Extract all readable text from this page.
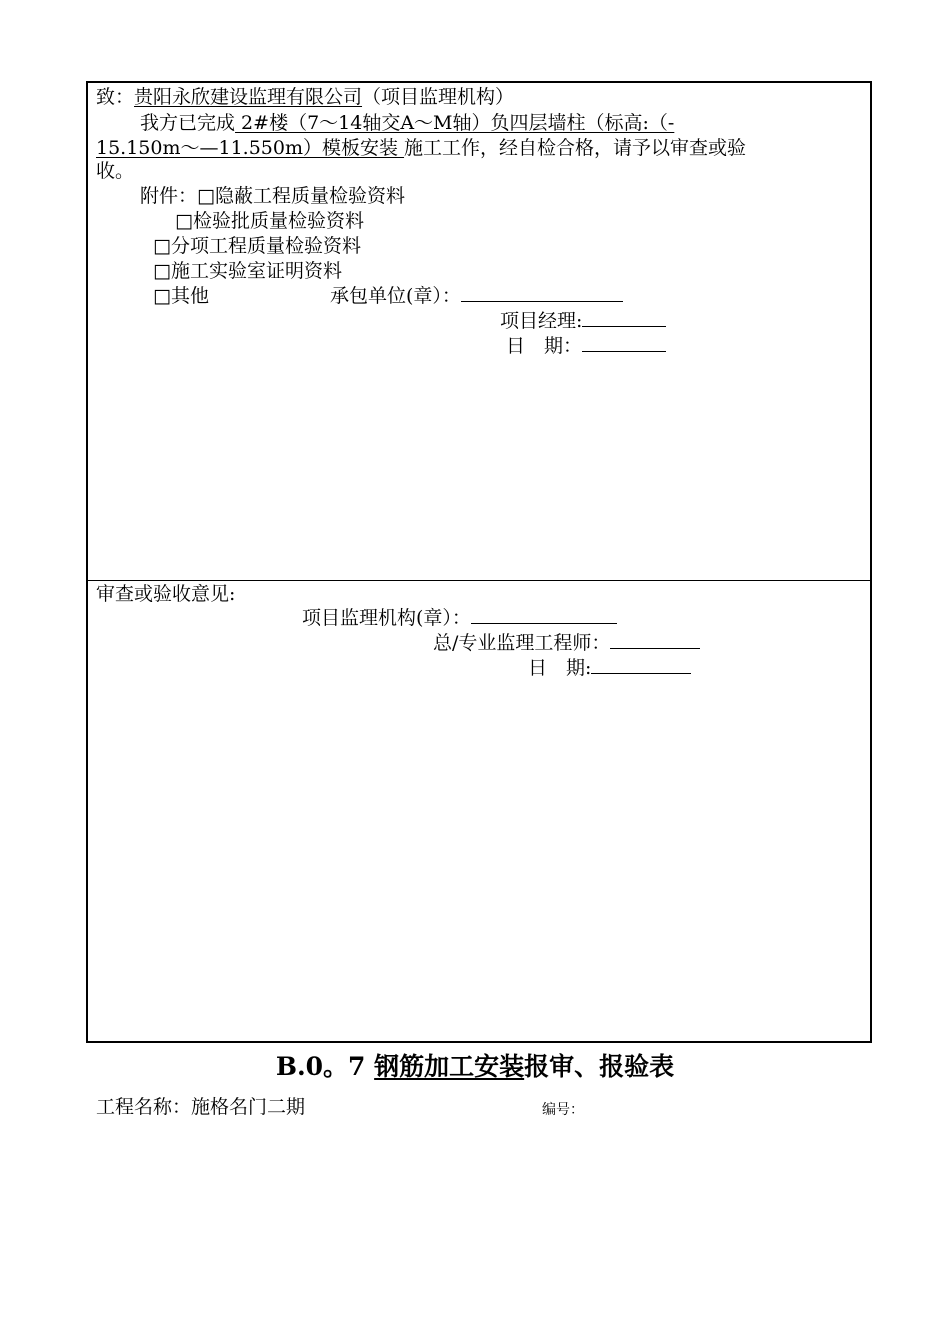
致：贵阳永欣建设监理有限公司（项目监理机构）
我方已完成 2#楼（7～14轴交A～M轴）负四层墙柱（标高:（-
15.150m～—11.550m）模板安装 施工工作，经自检合格，请予以审查或验
收。
附件：□隐蔽工程质量检验资料
□检验批质量检验资料
□分项工程质量检验资料
□施工实验室证明资料
□其他	承包单位(章）：
项目经理:
日　期：
审查或验收意见:
项目监理机构(章）：
总/专业监理工程师：
日　期:
B.0。7 钢筋加工安装报审、报验表
工程名称：施格名门二期	编号：
